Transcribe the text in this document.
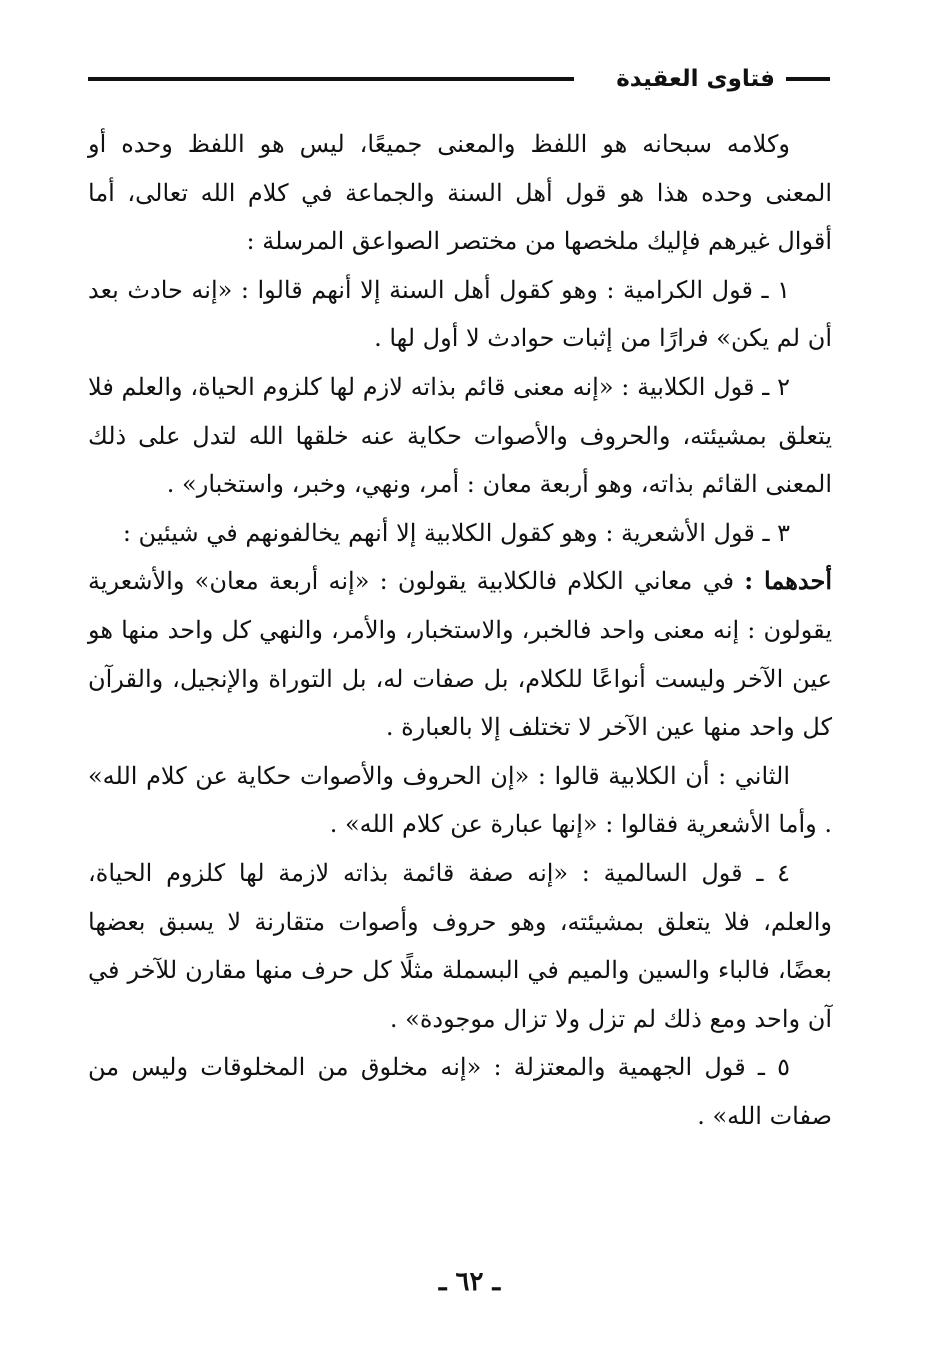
فتاوى العقيدة

وكلامه سبحانه هو اللفظ والمعنى جميعًا، ليس هو اللفظ وحده أو المعنى وحده هذا هو قول أهل السنة والجماعة في كلام الله تعالى، أما أقوال غيرهم فإليك ملخصها من مختصر الصواعق المرسلة :

١ ـ قول الكرامية : وهو كقول أهل السنة إلا أنهم قالوا : «إنه حادث بعد أن لم يكن» فرارًا من إثبات حوادث لا أول لها .

٢ ـ قول الكلابية : «إنه معنى قائم بذاته لازم لها كلزوم الحياة، والعلم فلا يتعلق بمشيئته، والحروف والأصوات حكاية عنه خلقها الله لتدل على ذلك المعنى القائم بذاته، وهو أربعة معان : أمر، ونهي، وخبر، واستخبار» .

٣ ـ قول الأشعرية : وهو كقول الكلابية إلا أنهم يخالفونهم في شيئين :

أحدهما : في معاني الكلام فالكلابية يقولون : «إنه أربعة معان» والأشعرية يقولون : إنه معنى واحد فالخبر، والاستخبار، والأمر، والنهي كل واحد منها هو عين الآخر وليست أنواعًا للكلام، بل صفات له، بل التوراة والإنجيل، والقرآن كل واحد منها عين الآخر لا تختلف إلا بالعبارة .

الثاني : أن الكلابية قالوا : «إن الحروف والأصوات حكاية عن كلام الله» . وأما الأشعرية فقالوا : «إنها عبارة عن كلام الله» .

٤ ـ قول السالمية : «إنه صفة قائمة بذاته لازمة لها كلزوم الحياة، والعلم، فلا يتعلق بمشيئته، وهو حروف وأصوات متقارنة لا يسبق بعضها بعضًا، فالباء والسين والميم في البسملة مثلًا كل حرف منها مقارن للآخر في آن واحد ومع ذلك لم تزل ولا تزال موجودة» .

٥ ـ قول الجهمية والمعتزلة : «إنه مخلوق من المخلوقات وليس من صفات الله» .

ـ ٦٢ ـ
